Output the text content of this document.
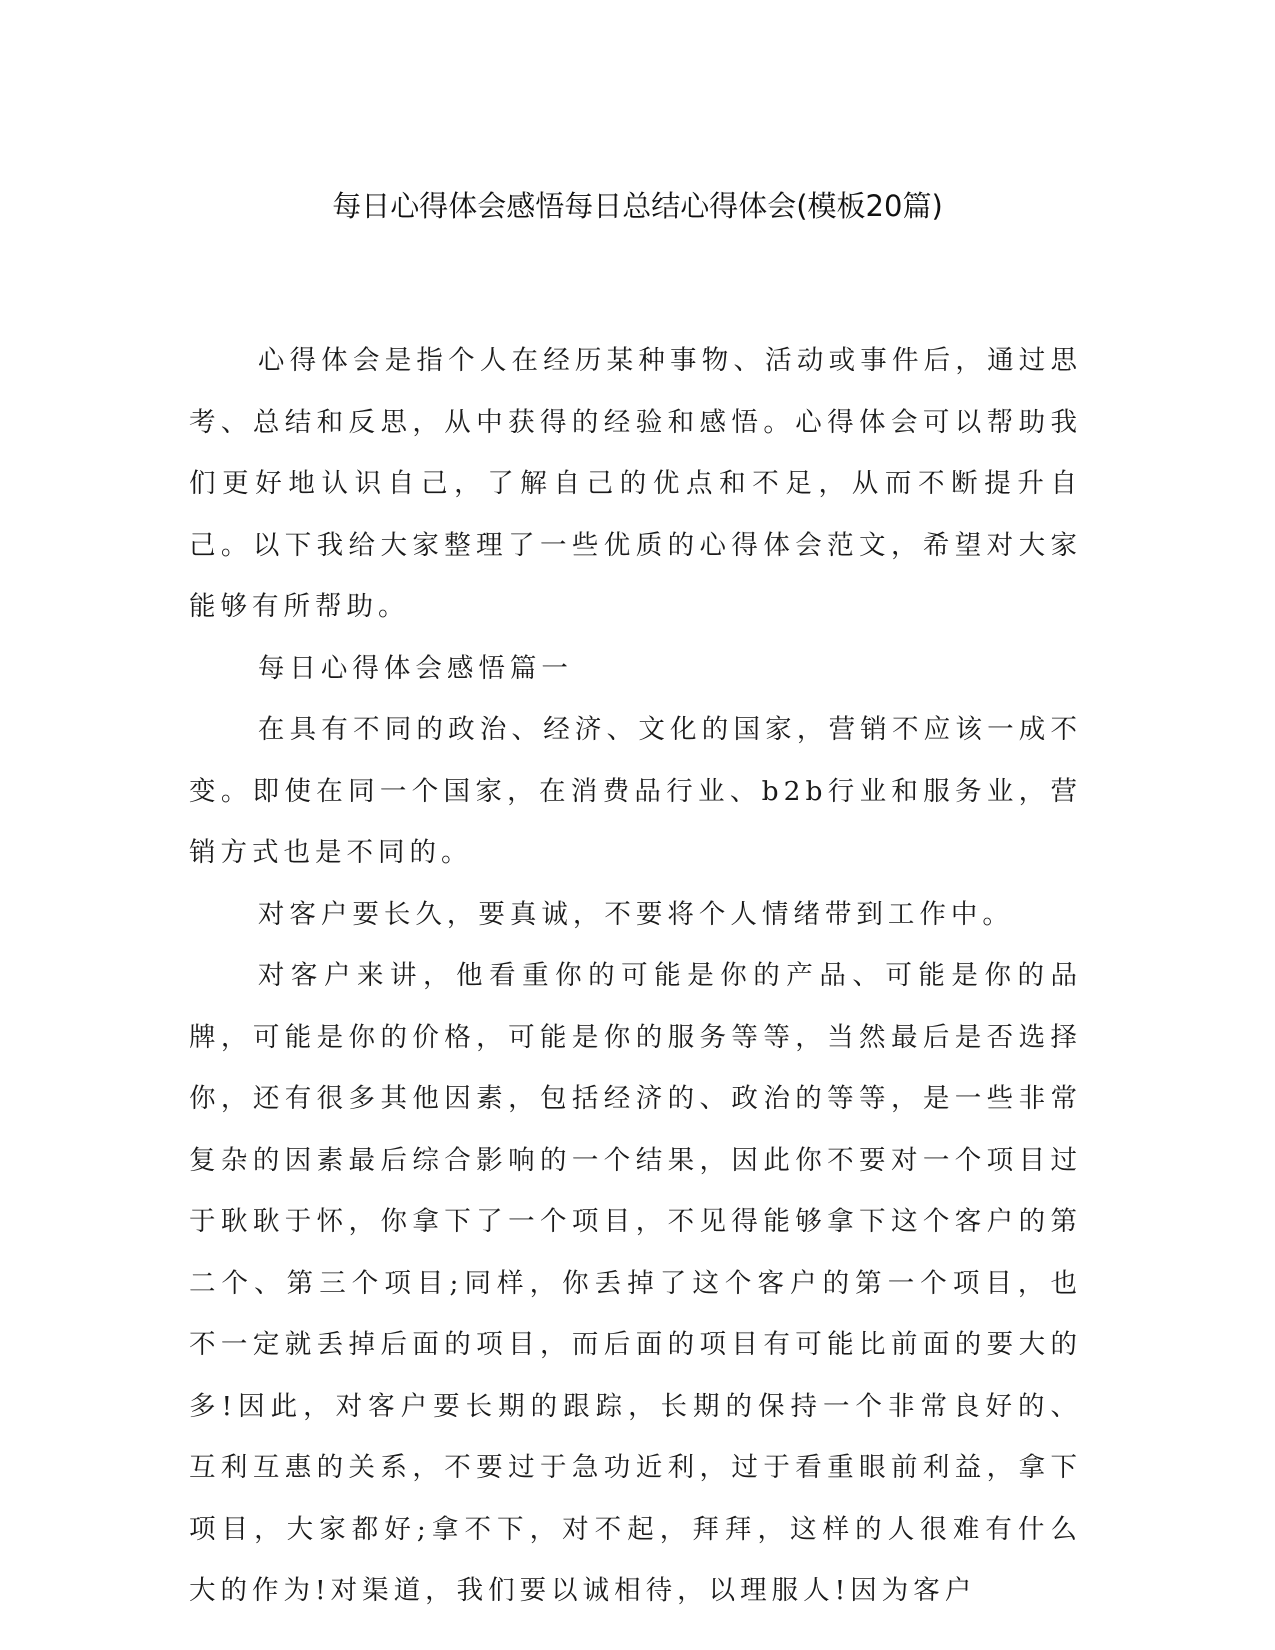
每日心得体会感悟每日总结心得体会(模板20篇)

心得体会是指个人在经历某种事物、活动或事件后，通过思考、总结和反思，从中获得的经验和感悟。心得体会可以帮助我们更好地认识自己，了解自己的优点和不足，从而不断提升自己。以下我给大家整理了一些优质的心得体会范文，希望对大家能够有所帮助。

每日心得体会感悟篇一

在具有不同的政治、经济、文化的国家，营销不应该一成不变。即使在同一个国家，在消费品行业、b2b行业和服务业，营销方式也是不同的。

对客户要长久，要真诚，不要将个人情绪带到工作中。

对客户来讲，他看重你的可能是你的产品、可能是你的品牌，可能是你的价格，可能是你的服务等等，当然最后是否选择你，还有很多其他因素，包括经济的、政治的等等，是一些非常复杂的因素最后综合影响的一个结果，因此你不要对一个项目过于耿耿于怀，你拿下了一个项目，不见得能够拿下这个客户的第二个、第三个项目;同样，你丢掉了这个客户的第一个项目，也不一定就丢掉后面的项目，而后面的项目有可能比前面的要大的多!因此，对客户要长期的跟踪，长期的保持一个非常良好的、互利互惠的关系，不要过于急功近利，过于看重眼前利益，拿下项目，大家都好;拿不下，对不起，拜拜，这样的人很难有什么大的作为!对渠道，我们要以诚相待，以理服人!因为客户
